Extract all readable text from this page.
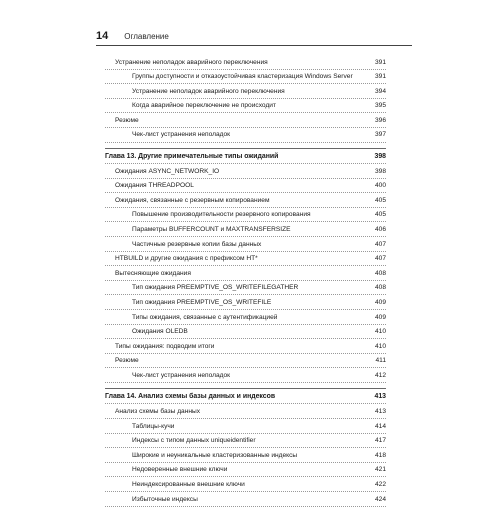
14 Оглавление
Устранение неполадок аварийного переключения	391
Группы доступности и отказоустойчивая кластеризация Windows Server	391
Устранение неполадок аварийного переключения	394
Когда аварийное переключение не происходит	395
Резюме	396
Чек-лист устранения неполадок	397
Глава 13. Другие примечательные типы ожиданий	398
Ожидания ASYNC_NETWORK_IO	398
Ожидания THREADPOOL	400
Ожидания, связанные с резервным копированием	405
Повышение производительности резервного копирования	405
Параметры BUFFERCOUNT и MAXTRANSFERSIZE	406
Частичные резервные копии базы данных	407
HTBUILD и другие ожидания с префиксом HT*	407
Вытесняющие ожидания	408
Тип ожидания PREEMPTIVE_OS_WRITEFILEGATHER	408
Тип ожидания PREEMPTIVE_OS_WRITEFILE	409
Типы ожидания, связанные с аутентификацией	409
Ожидания OLEDB	410
Типы ожидания: подводим итоги	410
Резюме	411
Чек-лист устранения неполадок	412
Глава 14. Анализ схемы базы данных и индексов	413
Анализ схемы базы данных	413
Таблицы-кучи	414
Индексы с типом данных uniqueidentifier	417
Широкие и неуникальные кластеризованные индексы	418
Недоверенные внешние ключи	421
Неиндексированные внешние ключи	422
Избыточные индексы	424
